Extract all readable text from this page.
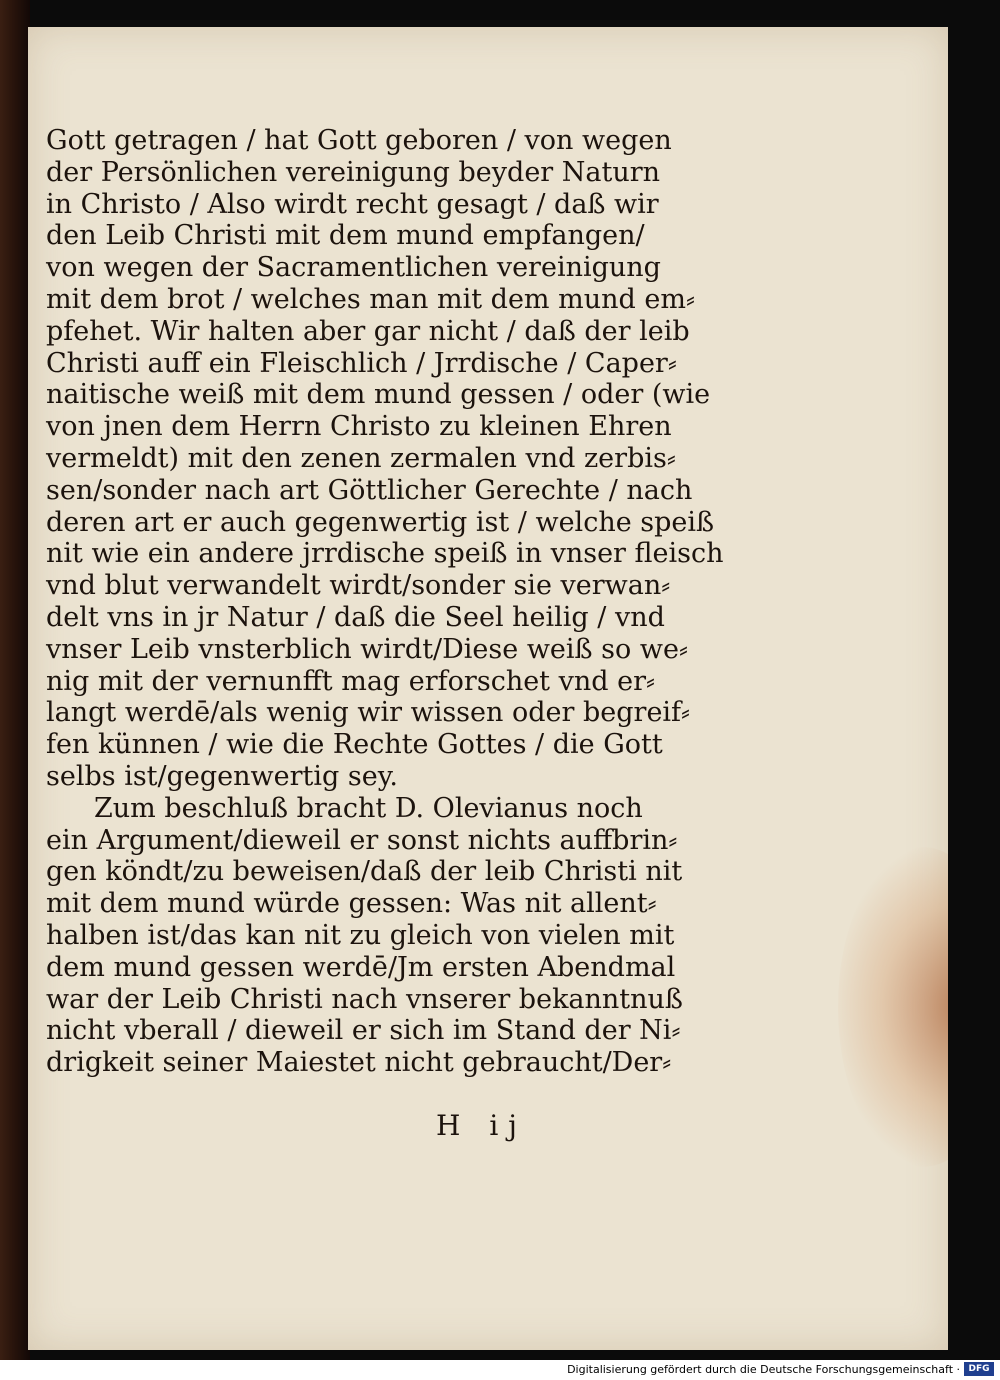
Gott getragen / hat Gott geboren / von wegen
der Persönlichen vereinigung beyder Naturn
in Christo / Also wirdt recht gesagt / daß wir
den Leib Christi mit dem mund empfangen/
von wegen der Sacramentlichen vereinigung
mit dem brot / welches man mit dem mund em⸗
pfehet. Wir halten aber gar nicht / daß der leib
Christi auff ein Fleischlich / Jrrdische / Caper⸗
naitische weiß mit dem mund gessen / oder (wie
von jnen dem Herrn Christo zu kleinen Ehren
vermeldt) mit den zenen zermalen vnd zerbis⸗
sen/sonder nach art Göttlicher Gerechte / nach
deren art er auch gegenwertig ist / welche speiß
nit wie ein andere jrrdische speiß in vnser fleisch
vnd blut verwandelt wirdt/sonder sie verwan⸗
delt vns in jr Natur / daß die Seel heilig / vnd
vnser Leib vnsterblich wirdt/Diese weiß so we⸗
nig mit der vernunfft mag erforschet vnd er⸗
langt werdē/als wenig wir wissen oder begreif⸗
fen künnen / wie die Rechte Gottes / die Gott
selbs ist/gegenwertig sey.
Zum beschluß bracht D. Olevianus noch
ein Argument/dieweil er sonst nichts auffbrin⸗
gen köndt/zu beweisen/daß der leib Christi nit
mit dem mund würde gessen: Was nit allent⸗
halben ist/das kan nit zu gleich von vielen mit
dem mund gessen werdē/Jm ersten Abendmal
war der Leib Christi nach vnserer bekanntnuß
nicht vberall / dieweil er sich im Stand der Ni⸗
drigkeit seiner Maiestet nicht gebraucht/Der⸗
H ij
Digitalisierung gefördert durch die Deutsche Forschungsgemeinschaft · DFG
